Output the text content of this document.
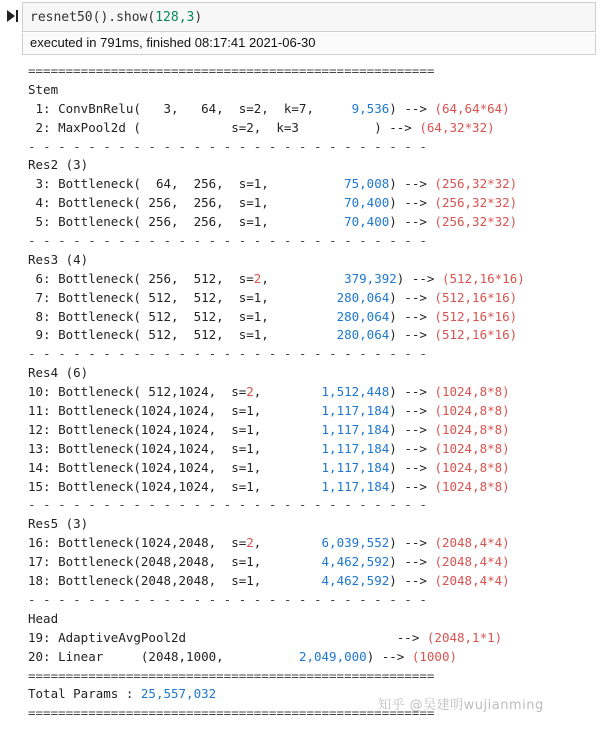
resnet50().show(128,3)
executed in 791ms, finished 08:17:41 2021-06-30
======================================================
Stem
1: ConvBnRelu(   3,   64,  s=2,  k=7,	9,536) --> (64,64*64)
2: MaxPool2d (            s=2,  k=3	) --> (64,32*32)
- - - - - - - - - - - - - - - - - - - - - - - - - - -
Res2 (3)
3: Bottleneck(  64,  256,  s=1,	75,008) --> (256,32*32)
4: Bottleneck( 256,  256,  s=1,	70,400) --> (256,32*32)
5: Bottleneck( 256,  256,  s=1,	70,400) --> (256,32*32)
- - - - - - - - - - - - - - - - - - - - - - - - - - -
Res3 (4)
6: Bottleneck( 256,  512,  s=2,          379,392) --> (512,16*16)
7: Bottleneck( 512,  512,  s=1,	280,064) --> (512,16*16)
8: Bottleneck( 512,  512,  s=1,	280,064) --> (512,16*16)
9: Bottleneck( 512,  512,  s=1,	280,064) --> (512,16*16)
- - - - - - - - - - - - - - - - - - - - - - - - - - -
Res4 (6)
10: Bottleneck( 512,1024,  s=2,        1,512,448) --> (1024,8*8)
11: Bottleneck(1024,1024,  s=1,	1,117,184) --> (1024,8*8)
12: Bottleneck(1024,1024,  s=1,	1,117,184) --> (1024,8*8)
13: Bottleneck(1024,1024,  s=1,	1,117,184) --> (1024,8*8)
14: Bottleneck(1024,1024,  s=1,	1,117,184) --> (1024,8*8)
15: Bottleneck(1024,1024,  s=1,	1,117,184) --> (1024,8*8)
- - - - - - - - - - - - - - - - - - - - - - - - - - -
Res5 (3)
16: Bottleneck(1024,2048,  s=2,        6,039,552) --> (2048,4*4)
17: Bottleneck(2048,2048,  s=1,	4,462,592) --> (2048,4*4)
18: Bottleneck(2048,2048,  s=1,	4,462,592) --> (2048,4*4)
- - - - - - - - - - - - - - - - - - - - - - - - - - -
Head
19: AdaptiveAvgPool2d	--> (2048,1*1)
20: Linear     (2048,1000,	2,049,000) --> (1000)
======================================================
Total Params : 25,557,032
======================================================
知乎 @吴建明wujianming
